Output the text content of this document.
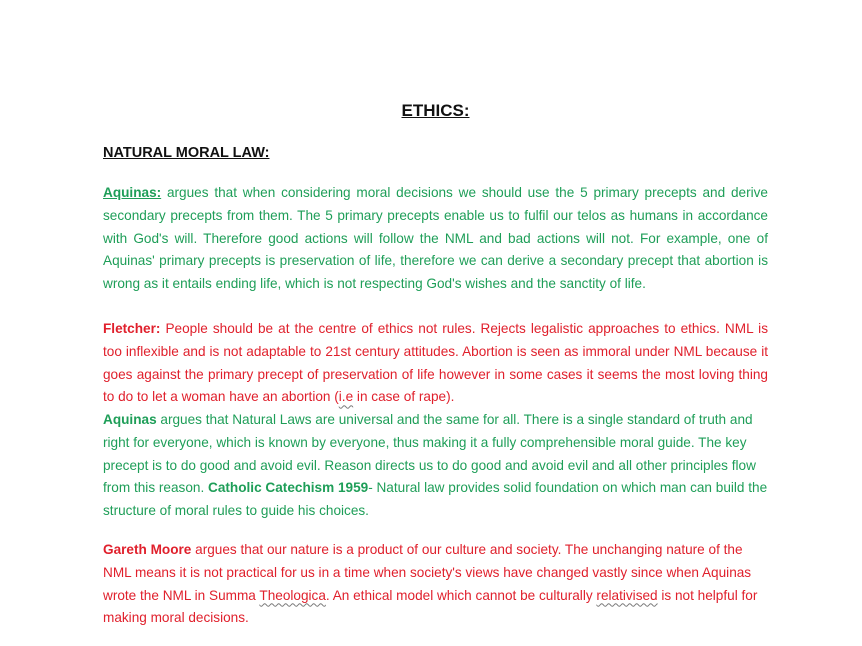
ETHICS:
NATURAL MORAL LAW:
Aquinas: argues that when considering moral decisions we should use the 5 primary precepts and derive secondary precepts from them. The 5 primary precepts enable us to fulfil our telos as humans in accordance with God's will. Therefore good actions will follow the NML and bad actions will not. For example, one of Aquinas' primary precepts is preservation of life, therefore we can derive a secondary precept that abortion is wrong as it entails ending life, which is not respecting God's wishes and the sanctity of life.
Fletcher: People should be at the centre of ethics not rules. Rejects legalistic approaches to ethics. NML is too inflexible and is not adaptable to 21st century attitudes. Abortion is seen as immoral under NML because it goes against the primary precept of preservation of life however in some cases it seems the most loving thing to do to let a woman have an abortion (i.e in case of rape).
Aquinas argues that Natural Laws are universal and the same for all. There is a single standard of truth and right for everyone, which is known by everyone, thus making it a fully comprehensible moral guide. The key precept is to do good and avoid evil. Reason directs us to do good and avoid evil and all other principles flow from this reason. Catholic Catechism 1959- Natural law provides solid foundation on which man can build the structure of moral rules to guide his choices.
Gareth Moore argues that our nature is a product of our culture and society. The unchanging nature of the NML means it is not practical for us in a time when society's views have changed vastly since when Aquinas wrote the NML in Summa Theologica. An ethical model which cannot be culturally relativised is not helpful for making moral decisions.
